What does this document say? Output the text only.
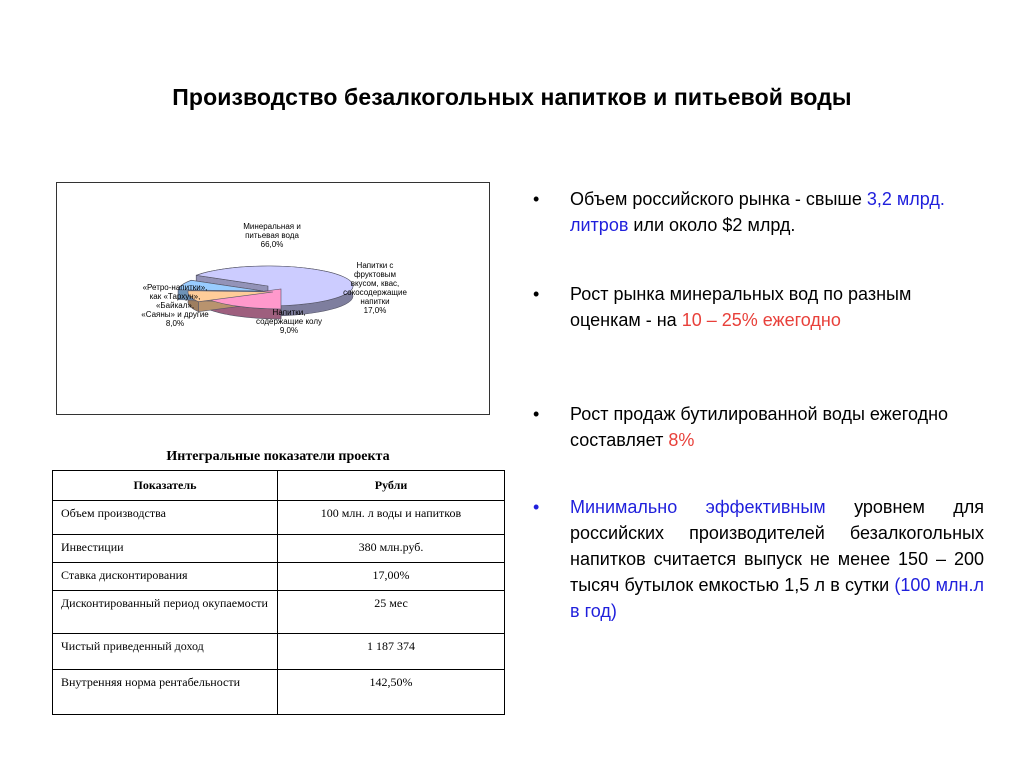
Производство безалкогольных напитков и питьевой воды
Минеральная и питьевая вода 66,0%
Напитки с фруктовым вкусом, квас, сокосодержащие напитки 17,0%
Напитки, содержащие колу 9,0%
«Ретро-напитки», как «Тархун», «Байкал», «Саяны» и другие 8,0%
Интегральные показатели проекта
Показатель	Рубли
Объем производства	100 млн. л воды и напитков
Инвестиции	380 млн.руб.
Ставка дисконтирования	17,00%
Дисконтированный период окупаемости	25 мес
Чистый приведенный доход	1 187 374
Внутренняя норма рентабельности	142,50%
• Объем российского рынка - свыше 3,2 млрд. литров или около $2 млрд.
• Рост рынка минеральных вод по разным оценкам - на 10 – 25% ежегодно
• Рост продаж бутилированной воды ежегодно составляет 8%
• Минимально эффективным уровнем для российских производителей безалкогольных напитков считается выпуск не менее 150 – 200 тысяч бутылок емкостью 1,5 л в сутки (100 млн.л в год)
